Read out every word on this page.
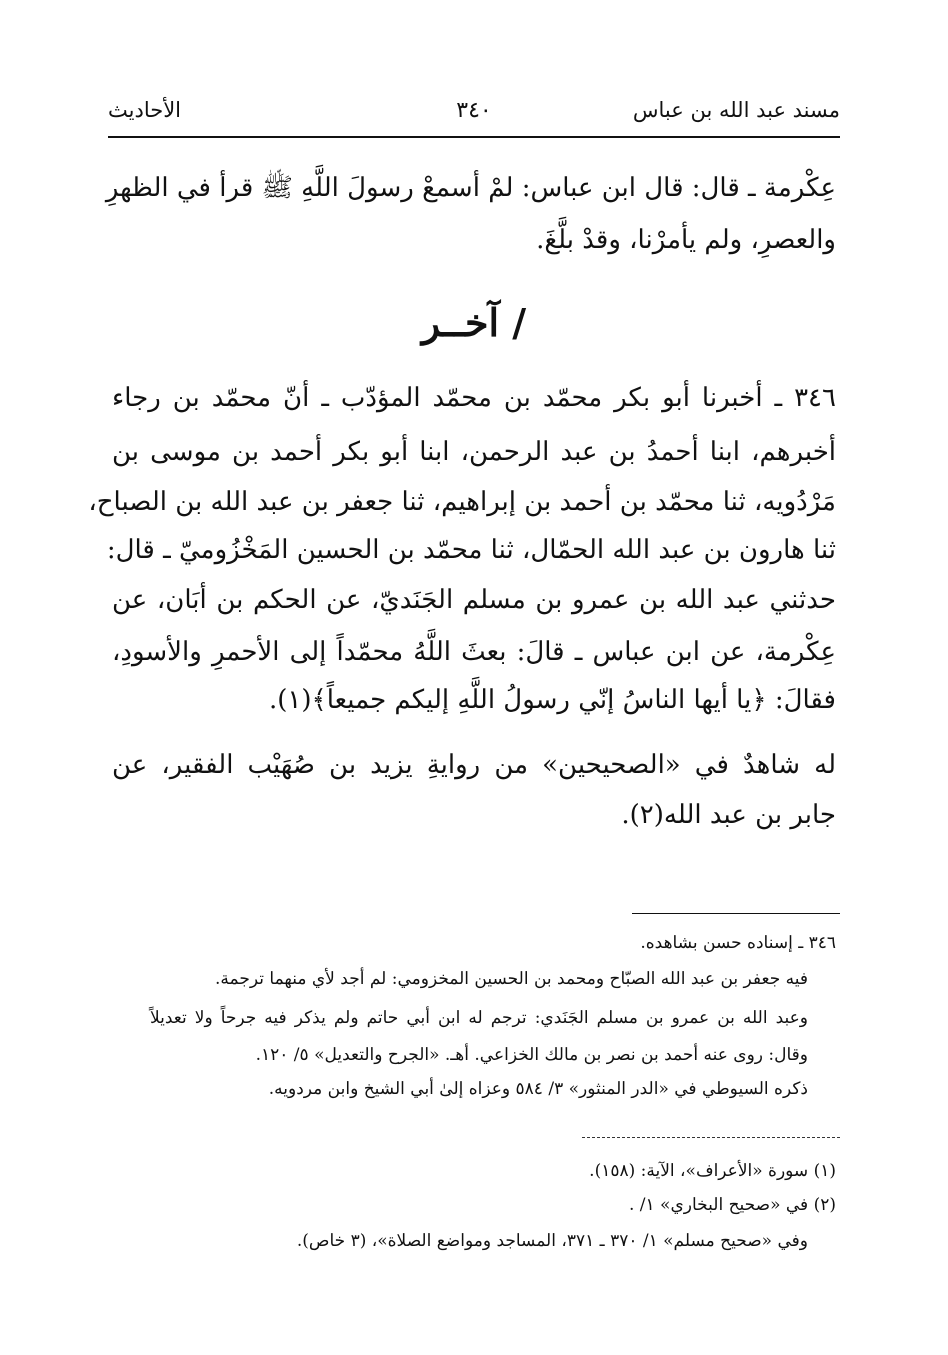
مسند عبد الله بن عباس
٣٤٠
الأحاديث
عِكْرمة ـ قال: قال ابن عباس: لمْ أسمعْ رسولَ اللَّهِ ﷺ قرأ في الظهرِ
والعصرِ، ولم يأمرْنا، وقدْ بلَّغَ.
/ آخــر
٣٤٦ ـ أخبرنا أبو بكر محمّد بن محمّد المؤدّب ـ أنّ محمّد بن رجاء
أخبرهم، ابنا أحمدُ بن عبد الرحمن، ابنا أبو بكر أحمد بن موسى بن
مَرْدُويه، ثنا محمّد بن أحمد بن إبراهيم، ثنا جعفر بن عبد الله بن الصباح،
ثنا هارون بن عبد الله الحمّال، ثنا محمّد بن الحسين المَخْزُوميّ ـ قال:
حدثني عبد الله بن عمرو بن مسلم الجَنَديّ، عن الحكم بن أبَان، عن
عِكْرمة، عن ابن عباس ـ قالَ: بعثَ اللَّهُ محمّداً إلى الأحمرِ والأسودِ،
فقالَ: ﴿يا أيها الناسُ إنّي رسولُ اللَّهِ إليكم جميعاً﴾(١).
له شاهدٌ في «الصحيحين» من روايةِ يزيد بن صُهَيْب الفقير، عن
جابر بن عبد الله(٢).
٣٤٦ ـ إسناده حسن بشاهده.
فيه جعفر بن عبد الله الصبّاح ومحمد بن الحسين المخزومي: لم أجد لأي منهما ترجمة.
وعبد الله بن عمرو بن مسلم الجَنَدي: ترجم له ابن أبي حاتم ولم يذكر فيه جرحاً ولا تعديلاً
وقال: روى عنه أحمد بن نصر بن مالك الخزاعي. أهـ. «الجرح والتعديل» ٥/ ١٢٠.
ذكره السيوطي في «الدر المنثور» ٣/ ٥٨٤ وعزاه إلىٰ أبي الشيخ وابن مردويه.
(١) سورة «الأعراف»، الآية: (١٥٨).
(٢) في «صحيح البخاري» ١/ .
وفي «صحيح مسلم» ١/ ٣٧٠ ـ ٣٧١، المساجد ومواضع الصلاة»، (٣ خاص).
